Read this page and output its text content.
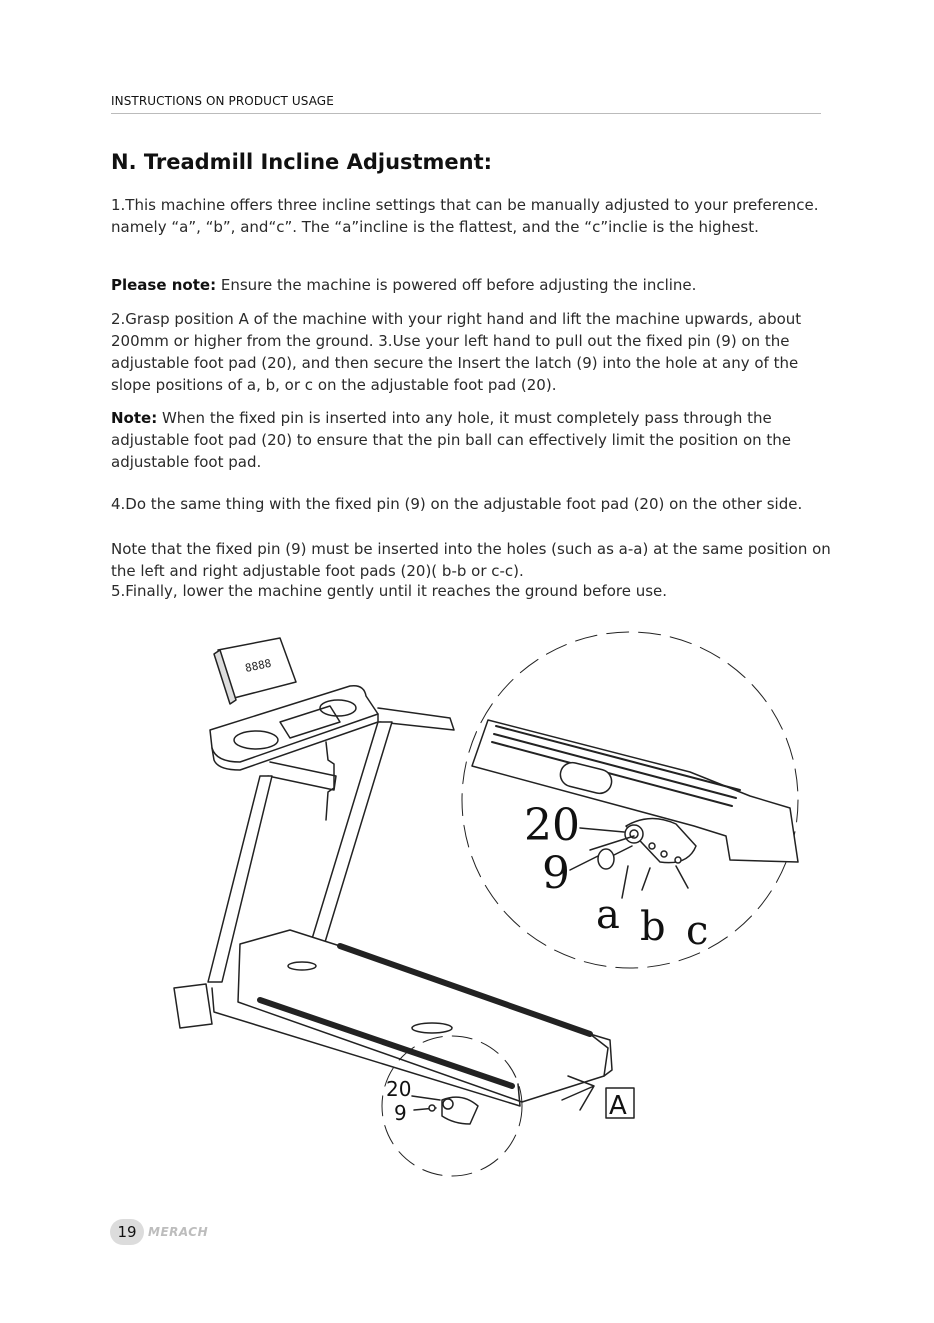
INSTRUCTIONS ON PRODUCT USAGE
N. Treadmill Incline Adjustment:

1.This machine offers three incline settings that can be manually adjusted to your preference. namely “a”, “b”, and“c”. The “a”incline is the flattest, and the “c”inclie is the highest.

Please note: Ensure the machine is powered off before adjusting the incline.

2.Grasp position A of the machine with your right hand and lift the machine upwards, about 200mm or higher from the ground. 3.Use your left hand to pull out the fixed pin (9) on the adjustable foot pad (20), and then secure the Insert the latch (9) into the hole at any of the slope positions of a, b, or c on the adjustable foot pad (20).

Note: When the fixed pin is inserted into any hole, it must completely pass through the adjustable foot pad (20) to ensure that the pin ball can effectively limit the position on the adjustable foot pad.

4.Do the same thing with the fixed pin (9) on the adjustable foot pad (20) on the other side.

Note that the fixed pin (9) must be inserted into the holes (such as a-a) at the same position on the left and right adjustable foot pads (20)( b-b or c-c).

5.Finally, lower the machine gently until it reaches the ground before use.

8888
20
9
a b c
20
9	A
19 MERACH
